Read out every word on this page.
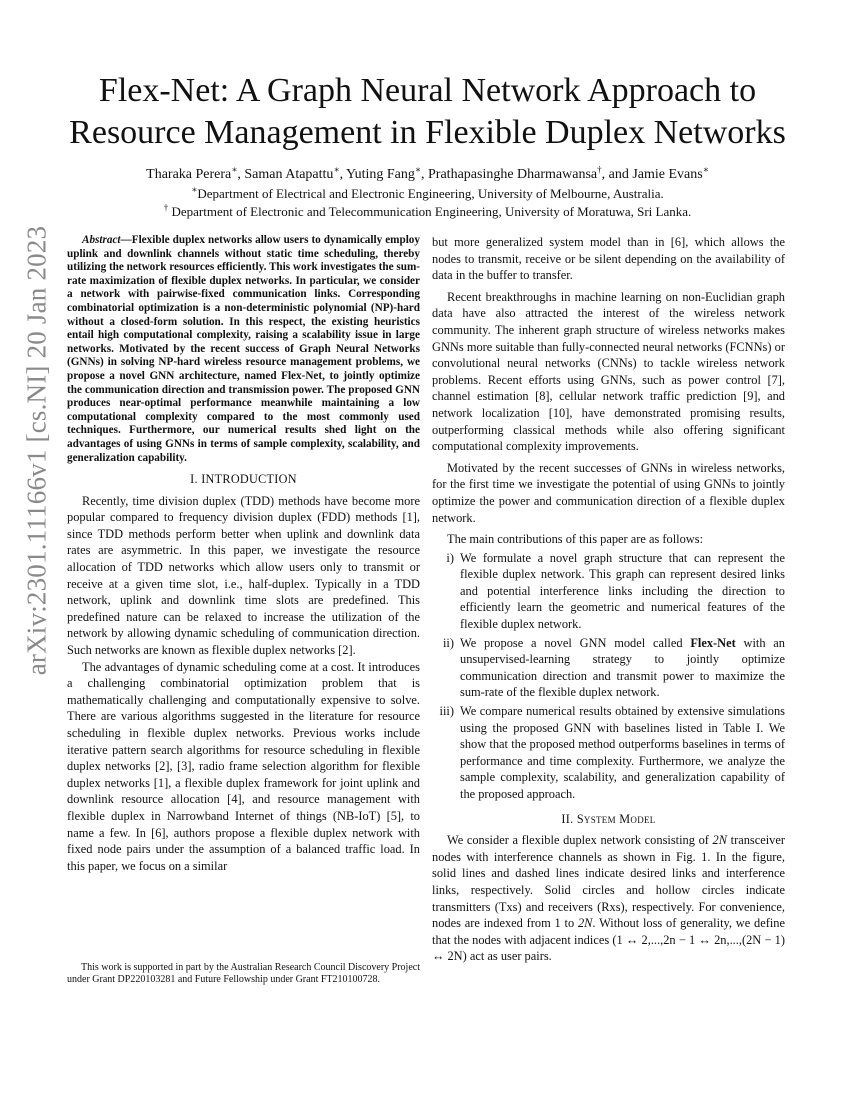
arXiv:2301.11166v1 [cs.NI] 20 Jan 2023
Flex-Net: A Graph Neural Network Approach to Resource Management in Flexible Duplex Networks
Tharaka Perera∗, Saman Atapattu∗, Yuting Fang∗, Prathapasinghe Dharmawansa†, and Jamie Evans∗
∗Department of Electrical and Electronic Engineering, University of Melbourne, Australia.
† Department of Electronic and Telecommunication Engineering, University of Moratuwa, Sri Lanka.

Abstract—Flexible duplex networks allow users to dynamically employ uplink and downlink channels without static time scheduling, thereby utilizing the network resources efficiently. This work investigates the sum-rate maximization of flexible duplex networks. In particular, we consider a network with pairwise-fixed communication links. Corresponding combinatorial optimization is a non-deterministic polynomial (NP)-hard without a closed-form solution. In this respect, the existing heuristics entail high computational complexity, raising a scalability issue in large networks. Motivated by the recent success of Graph Neural Networks (GNNs) in solving NP-hard wireless resource management problems, we propose a novel GNN architecture, named Flex-Net, to jointly optimize the communication direction and transmission power. The proposed GNN produces near-optimal performance meanwhile maintaining a low computational complexity compared to the most commonly used techniques. Furthermore, our numerical results shed light on the advantages of using GNNs in terms of sample complexity, scalability, and generalization capability.

I. INTRODUCTION

Recently, time division duplex (TDD) methods have become more popular compared to frequency division duplex (FDD) methods [1], since TDD methods perform better when uplink and downlink data rates are asymmetric. In this paper, we investigate the resource allocation of TDD networks which allow users only to transmit or receive at a given time slot, i.e., half-duplex. Typically in a TDD network, uplink and downlink time slots are predefined. This predefined nature can be relaxed to increase the utilization of the network by allowing dynamic scheduling of communication direction. Such networks are known as flexible duplex networks [2].

The advantages of dynamic scheduling come at a cost. It introduces a challenging combinatorial optimization problem that is mathematically challenging and computationally expensive to solve. There are various algorithms suggested in the literature for resource scheduling in flexible duplex networks. Previous works include iterative pattern search algorithms for resource scheduling in flexible duplex networks [2], [3], radio frame selection algorithm for flexible duplex networks [1], a flexible duplex framework for joint uplink and downlink resource allocation [4], and resource management with flexible duplex in Narrowband Internet of things (NB-IoT) [5], to name a few. In [6], authors propose a flexible duplex network with fixed node pairs under the assumption of a balanced traffic load. In this paper, we focus on a similar

This work is supported in part by the Australian Research Council Discovery Project under Grant DP220103281 and Future Fellowship under Grant FT210100728.

but more generalized system model than in [6], which allows the nodes to transmit, receive or be silent depending on the availability of data in the buffer to transfer.

Recent breakthroughs in machine learning on non-Euclidian graph data have also attracted the interest of the wireless network community. The inherent graph structure of wireless networks makes GNNs more suitable than fully-connected neural networks (FCNNs) or convolutional neural networks (CNNs) to tackle wireless network problems. Recent efforts using GNNs, such as power control [7], channel estimation [8], cellular network traffic prediction [9], and network localization [10], have demonstrated promising results, outperforming classical methods while also offering significant computational complexity improvements.

Motivated by the recent successes of GNNs in wireless networks, for the first time we investigate the potential of using GNNs to jointly optimize the power and communication direction of a flexible duplex network.

The main contributions of this paper are as follows:

i) We formulate a novel graph structure that can represent the flexible duplex network. This graph can represent desired links and potential interference links including the direction to efficiently learn the geometric and numerical features of the flexible duplex network.
ii) We propose a novel GNN model called Flex-Net with an unsupervised-learning strategy to jointly optimize communication direction and transmit power to maximize the sum-rate of the flexible duplex network.
iii) We compare numerical results obtained by extensive simulations using the proposed GNN with baselines listed in Table I. We show that the proposed method outperforms baselines in terms of performance and time complexity. Furthermore, we analyze the sample complexity, scalability, and generalization capability of the proposed approach.
II. System Model

We consider a flexible duplex network consisting of 2N transceiver nodes with interference channels as shown in Fig. 1. In the figure, solid lines and dashed lines indicate desired links and interference links, respectively. Solid circles and hollow circles indicate transmitters (Txs) and receivers (Rxs), respectively. For convenience, nodes are indexed from 1 to 2N. Without loss of generality, we define that the nodes with adjacent indices (1 ↔ 2,...,2n − 1 ↔ 2n,...,(2N − 1) ↔ 2N) act as user pairs.
